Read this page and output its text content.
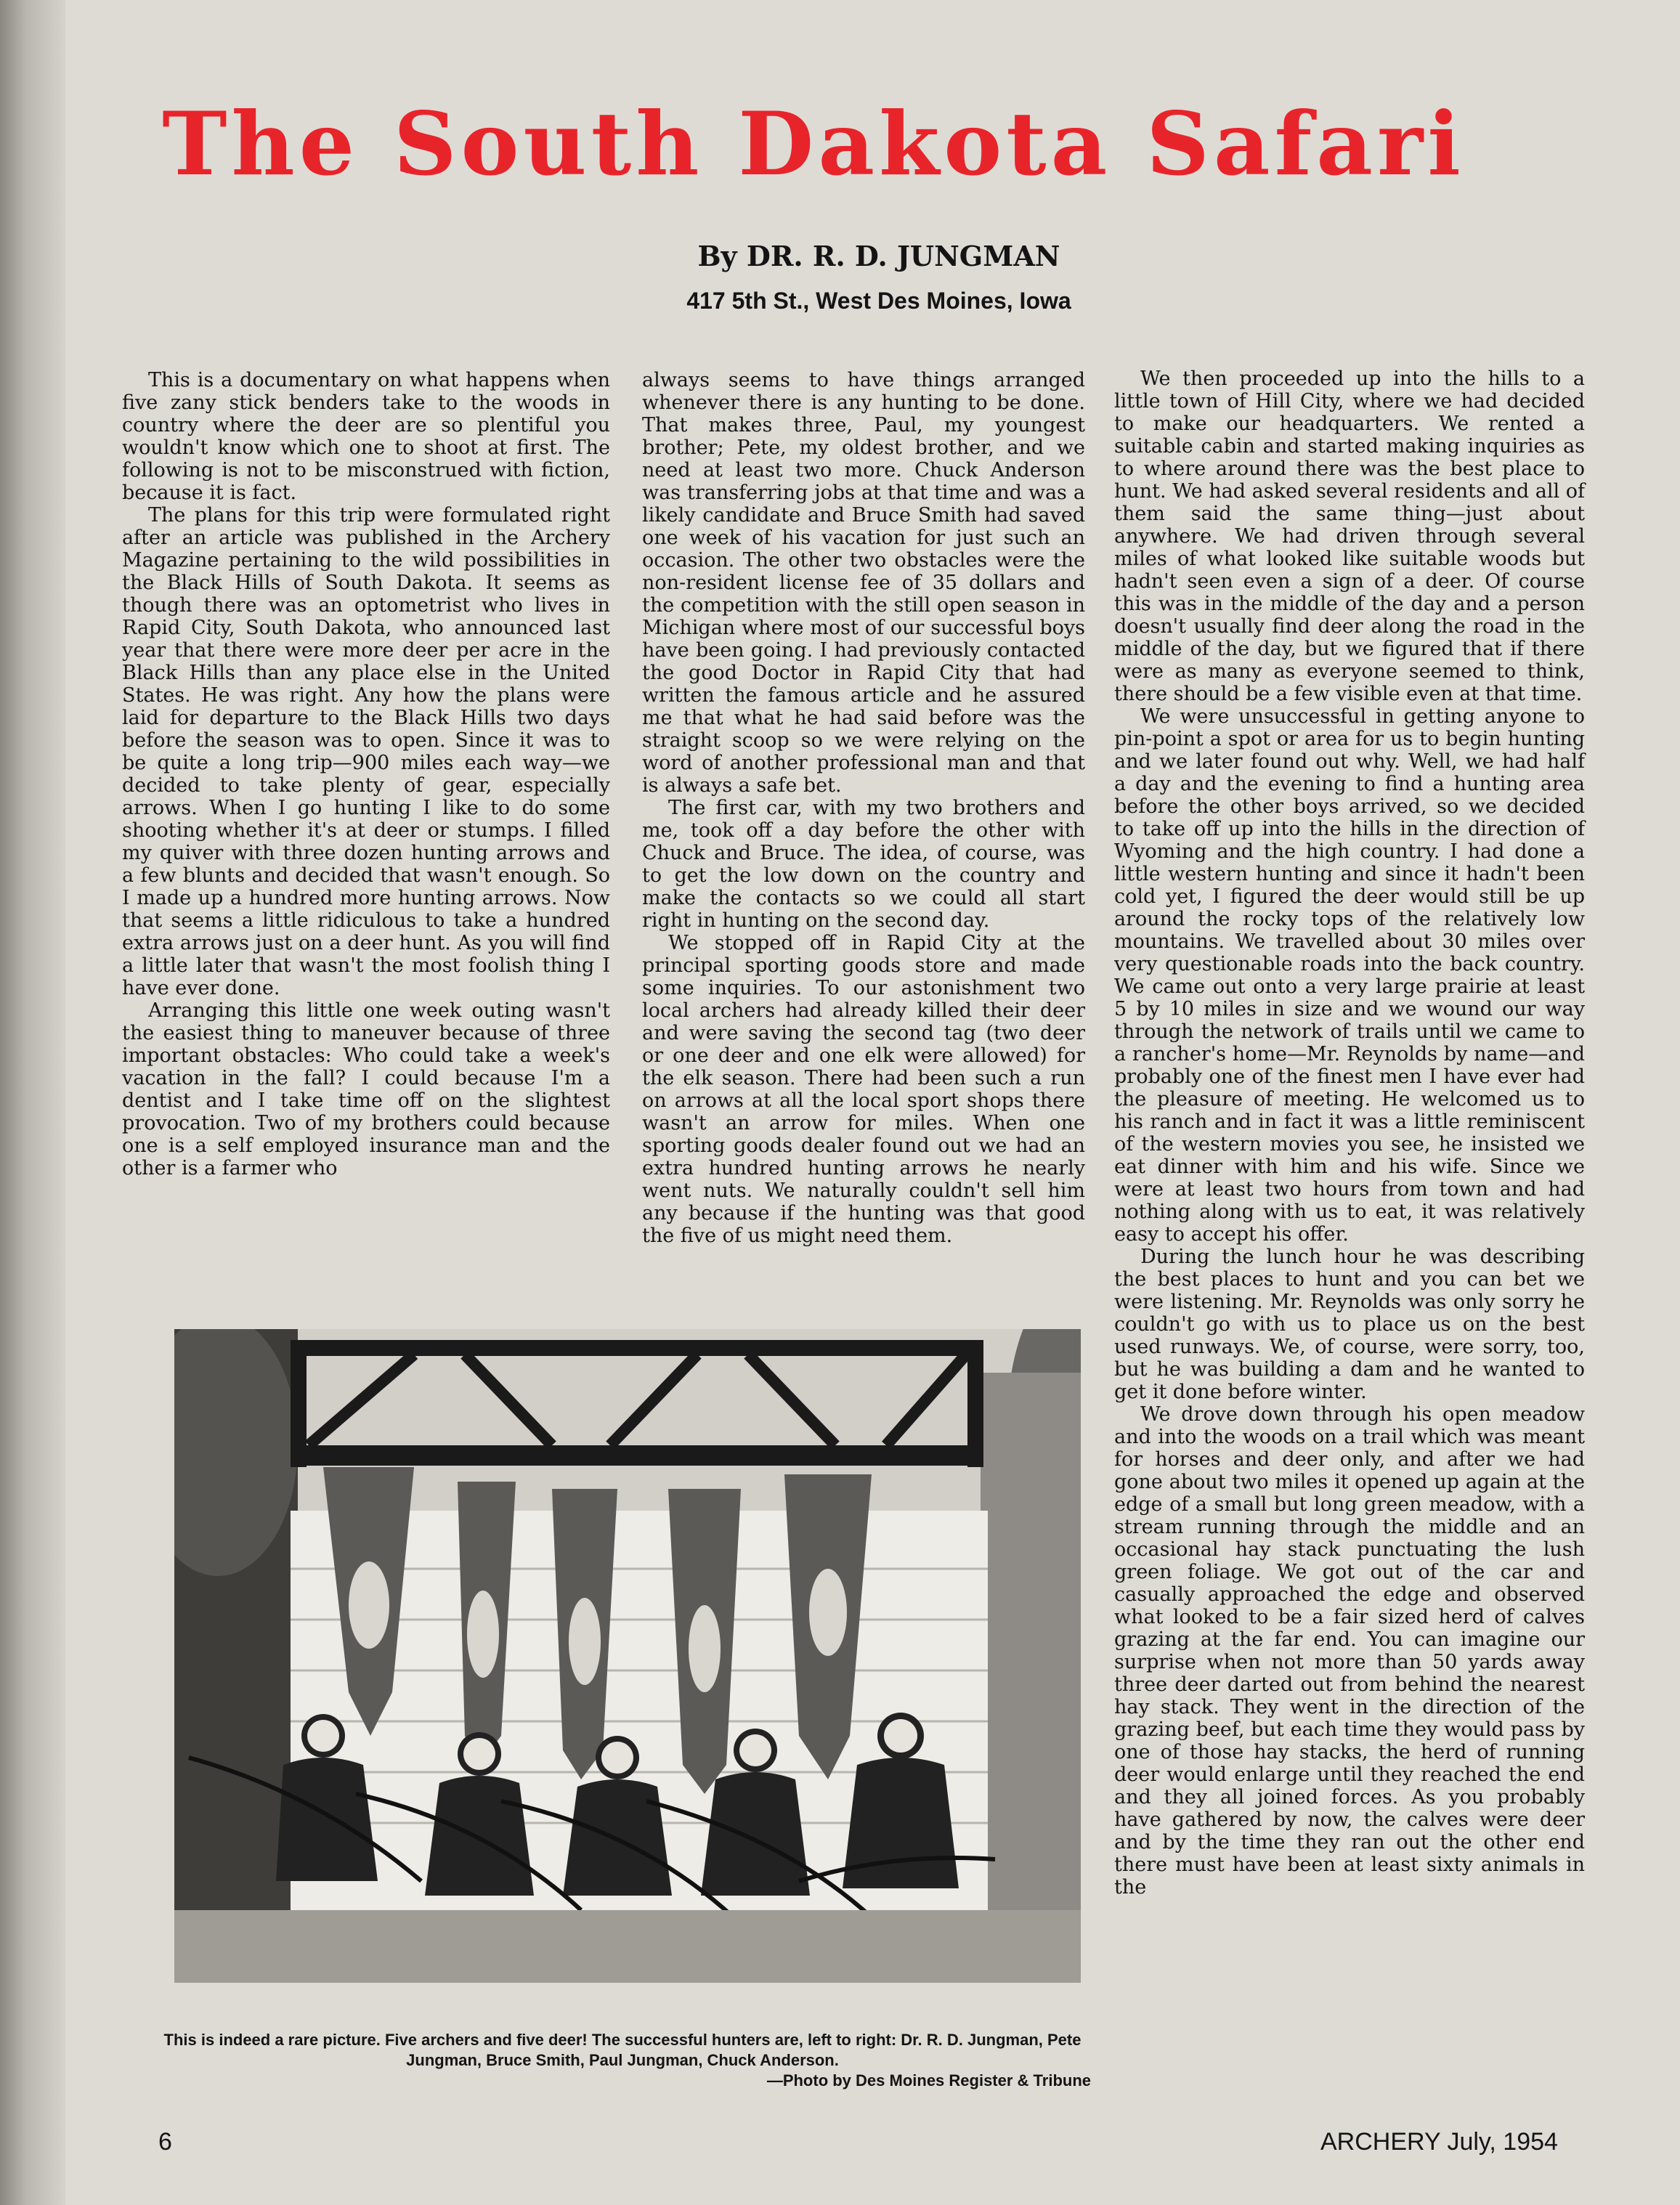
The South Dakota Safari
By DR. R. D. JUNGMAN
417 5th St., West Des Moines, Iowa

This is a documentary on what happens when five zany stick benders take to the woods in country where the deer are so plentiful you wouldn't know which one to shoot at first. The following is not to be misconstrued with fiction, because it is fact.

The plans for this trip were formulated right after an article was published in the Archery Magazine pertaining to the wild possibilities in the Black Hills of South Dakota. It seems as though there was an optometrist who lives in Rapid City, South Dakota, who announced last year that there were more deer per acre in the Black Hills than any place else in the United States. He was right. Any how the plans were laid for departure to the Black Hills two days before the season was to open. Since it was to be quite a long trip—900 miles each way—we decided to take plenty of gear, especially arrows. When I go hunting I like to do some shooting whether it's at deer or stumps. I filled my quiver with three dozen hunting arrows and a few blunts and decided that wasn't enough. So I made up a hundred more hunting arrows. Now that seems a little ridiculous to take a hundred extra arrows just on a deer hunt. As you will find a little later that wasn't the most foolish thing I have ever done.

Arranging this little one week outing wasn't the easiest thing to maneuver because of three important obstacles: Who could take a week's vacation in the fall? I could because I'm a dentist and I take time off on the slightest provocation. Two of my brothers could because one is a self employed insurance man and the other is a farmer who

always seems to have things arranged whenever there is any hunting to be done. That makes three, Paul, my youngest brother; Pete, my oldest brother, and we need at least two more. Chuck Anderson was transferring jobs at that time and was a likely candidate and Bruce Smith had saved one week of his vacation for just such an occasion. The other two obstacles were the non-resident license fee of 35 dollars and the competition with the still open season in Michigan where most of our successful boys have been going. I had previously contacted the good Doctor in Rapid City that had written the famous article and he assured me that what he had said before was the straight scoop so we were relying on the word of another professional man and that is always a safe bet.

The first car, with my two brothers and me, took off a day before the other with Chuck and Bruce. The idea, of course, was to get the low down on the country and make the contacts so we could all start right in hunting on the second day.

We stopped off in Rapid City at the principal sporting goods store and made some inquiries. To our astonishment two local archers had already killed their deer and were saving the second tag (two deer or one deer and one elk were allowed) for the elk season. There had been such a run on arrows at all the local sport shops there wasn't an arrow for miles. When one sporting goods dealer found out we had an extra hundred hunting arrows he nearly went nuts. We naturally couldn't sell him any because if the hunting was that good the five of us might need them.

We then proceeded up into the hills to a little town of Hill City, where we had decided to make our headquarters. We rented a suitable cabin and started making inquiries as to where around there was the best place to hunt. We had asked several residents and all of them said the same thing—just about anywhere. We had driven through several miles of what looked like suitable woods but hadn't seen even a sign of a deer. Of course this was in the middle of the day and a person doesn't usually find deer along the road in the middle of the day, but we figured that if there were as many as everyone seemed to think, there should be a few visible even at that time.

We were unsuccessful in getting anyone to pin-point a spot or area for us to begin hunting and we later found out why. Well, we had half a day and the evening to find a hunting area before the other boys arrived, so we decided to take off up into the hills in the direction of Wyoming and the high country. I had done a little western hunting and since it hadn't been cold yet, I figured the deer would still be up around the rocky tops of the relatively low mountains. We travelled about 30 miles over very questionable roads into the back country. We came out onto a very large prairie at least 5 by 10 miles in size and we wound our way through the network of trails until we came to a rancher's home—Mr. Reynolds by name—and probably one of the finest men I have ever had the pleasure of meeting. He welcomed us to his ranch and in fact it was a little reminiscent of the western movies you see, he insisted we eat dinner with him and his wife. Since we were at least two hours from town and had nothing along with us to eat, it was relatively easy to accept his offer.

During the lunch hour he was describing the best places to hunt and you can bet we were listening. Mr. Reynolds was only sorry he couldn't go with us to place us on the best used runways. We, of course, were sorry, too, but he was building a dam and he wanted to get it done before winter.

We drove down through his open meadow and into the woods on a trail which was meant for horses and deer only, and after we had gone about two miles it opened up again at the edge of a small but long green meadow, with a stream running through the middle and an occasional hay stack punctuating the lush green foliage. We got out of the car and casually approached the edge and observed what looked to be a fair sized herd of calves grazing at the far end. You can imagine our surprise when not more than 50 yards away three deer darted out from behind the nearest hay stack. They went in the direction of the grazing beef, but each time they would pass by one of those hay stacks, the herd of running deer would enlarge until they reached the end and they all joined forces. As you probably have gathered by now, the calves were deer and by the time they ran out the other end there must have been at least sixty animals in the

This is indeed a rare picture. Five archers and five deer! The successful hunters are, left to right: Dr. R. D. Jungman, Pete Jungman, Bruce Smith, Paul Jungman, Chuck Anderson.
—Photo by Des Moines Register & Tribune
6	ARCHERY July, 1954
